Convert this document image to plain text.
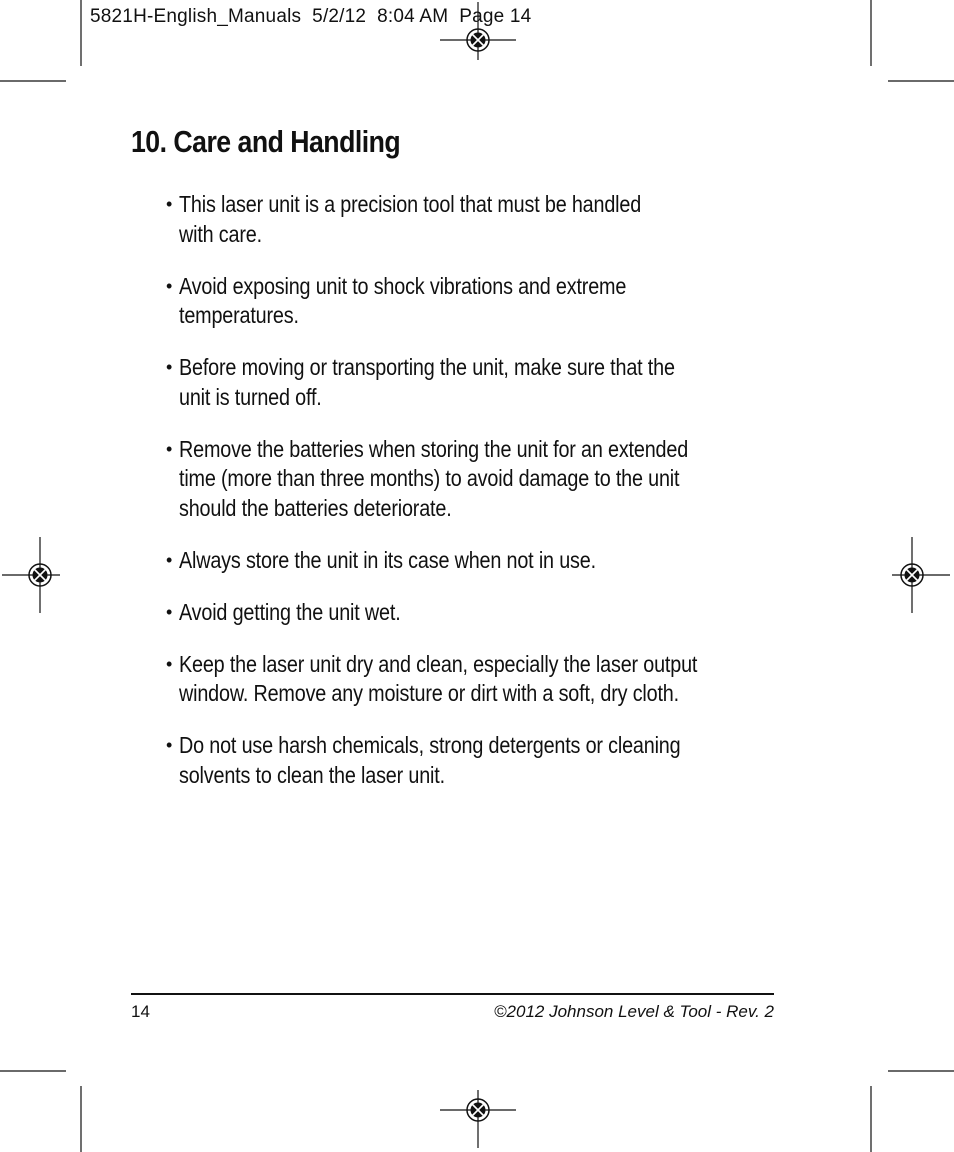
5821H-English_Manuals  5/2/12  8:04 AM  Page 14
10. Care and Handling
• This laser unit is a precision tool that must be handled
with care.
• Avoid exposing unit to shock vibrations and extreme
temperatures.
• Before moving or transporting the unit, make sure that the
unit is turned off.
• Remove the batteries when storing the unit for an extended
time (more than three months) to avoid damage to the unit
should the batteries deteriorate.
• Always store the unit in its case when not in use.
• Avoid getting the unit wet.
• Keep the laser unit dry and clean, especially the laser output
window. Remove any moisture or dirt with a soft, dry cloth.
• Do not use harsh chemicals, strong detergents or cleaning
solvents to clean the laser unit.
14	©2012 Johnson Level & Tool - Rev. 2
